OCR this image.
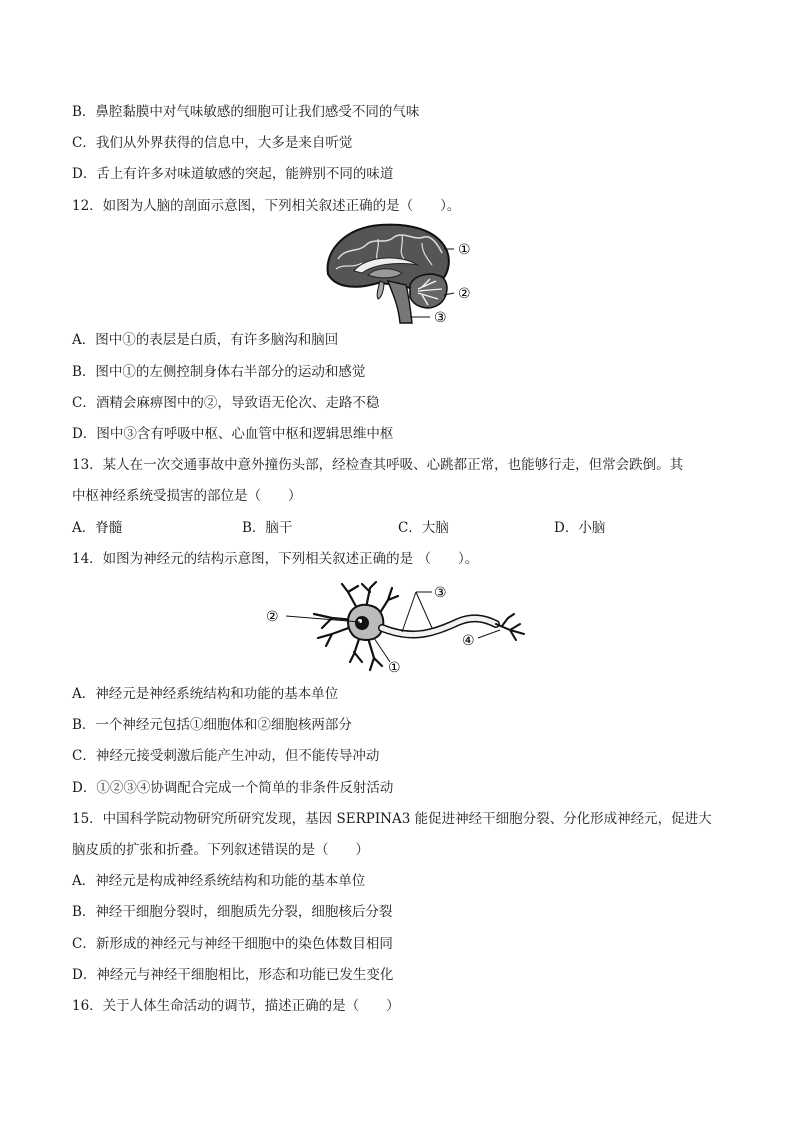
B．鼻腔黏膜中对气味敏感的细胞可让我们感受不同的气味
C．我们从外界获得的信息中，大多是来自听觉
D．舌上有许多对味道敏感的突起，能辨别不同的味道
12．如图为人脑的剖面示意图，下列相关叙述正确的是（　　）。
①
②
③
A．图中①的表层是白质，有许多脑沟和脑回
B．图中①的左侧控制身体右半部分的运动和感觉
C．酒精会麻痹图中的②，导致语无伦次、走路不稳
D．图中③含有呼吸中枢、心血管中枢和逻辑思维中枢
13．某人在一次交通事故中意外撞伤头部，经检查其呼吸、心跳都正常，也能够行走，但常会跌倒。其
中枢神经系统受损害的部位是（　　）
A．脊髓	B．脑干	C．大脑	D．小脑
14．如图为神经元的结构示意图，下列相关叙述正确的是 （　　）。
②
③
④
①
A．神经元是神经系统结构和功能的基本单位
B．一个神经元包括①细胞体和②细胞核两部分
C．神经元接受刺激后能产生冲动，但不能传导冲动
D．①②③④协调配合完成一个简单的非条件反射活动
15．中国科学院动物研究所研究发现，基因 SERPINA3 能促进神经干细胞分裂、分化形成神经元，促进大
脑皮质的扩张和折叠。下列叙述错误的是（　　）
A．神经元是构成神经系统结构和功能的基本单位
B．神经干细胞分裂时，细胞质先分裂，细胞核后分裂
C．新形成的神经元与神经干细胞中的染色体数目相同
D．神经元与神经干细胞相比，形态和功能已发生变化
16．关于人体生命活动的调节，描述正确的是（　　）
